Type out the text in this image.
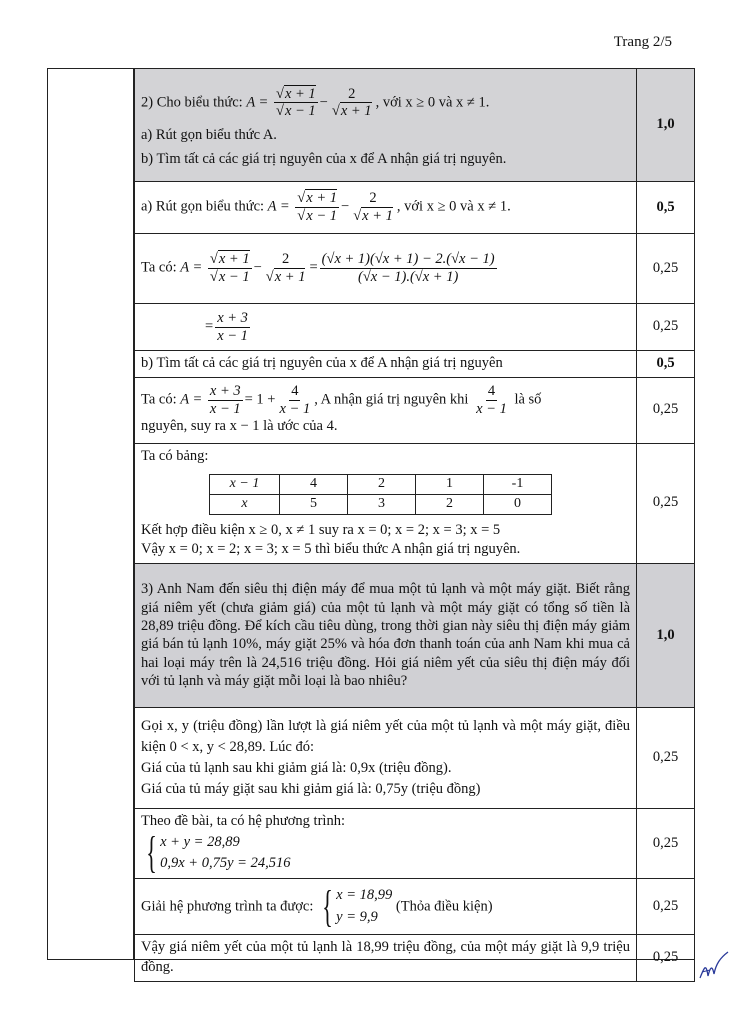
Trang 2/5
2) Cho biểu thức: $A = \frac{√x + 1}{√x - 1} - \frac{2}{√x + 1}$ , với x ≥ 0 và x ≠ 1.
a) Rút gọn biểu thức A.
b) Tìm tất cả các giá trị nguyên của x để A nhận giá trị nguyên.
	1,0
a) Rút gọn biểu thức: $A = \frac{√x + 1}{√x - 1} - \frac{2}{√x + 1}$ , với x ≥ 0 và x ≠ 1.	0,5
Ta có: $A = \frac{√x + 1}{√x - 1} - \frac{2}{√x + 1} = \frac{(√x + 1)(√x + 1) - 2.(√x - 1)}{(√x - 1).(√x + 1)}$	0,25
= $\frac{x + 3}{x - 1}$	0,25
b) Tìm tất cả các giá trị nguyên của x để A nhận giá trị nguyên	0,5

Ta có: $A = \frac{x + 3}{x - 1} = 1 + \frac{4}{x - 1}$ , A nhận giá trị nguyên khi $\frac{4}{x - 1}$ là số
nguyên, suy ra x − 1 là ước của 4.
	0,25

Ta có bảng:
x − 1	4	2	1	-1
x	5	3	2	0
Kết hợp điều kiện x ≥ 0, x ≠ 1 suy ra x = 0; x = 2; x = 3; x = 5
Vậy x = 0; x = 2; x = 3; x = 5 thì biểu thức A nhận giá trị nguyên.
	0,25
3) Anh Nam đến siêu thị điện máy để mua một tủ lạnh và một máy giặt. Biết rằng giá niêm yết (chưa giảm giá) của một tủ lạnh và một máy giặt có tổng số tiền là 28,89 triệu đồng. Để kích cầu tiêu dùng, trong thời gian này siêu thị điện máy giảm giá bán tủ lạnh 10%, máy giặt 25% và hóa đơn thanh toán của anh Nam khi mua cả hai loại máy trên là 24,516 triệu đồng. Hỏi giá niêm yết của siêu thị điện máy đối với tủ lạnh và máy giặt mỗi loại là bao nhiêu?	1,0

Gọi x, y (triệu đồng) lần lượt là giá niêm yết của một tủ lạnh và một máy giặt, điều kiện 0 < x, y < 28,89. Lúc đó:
Giá của tủ lạnh sau khi giảm giá là: 0,9x (triệu đồng).
Giá của tủ máy giặt sau khi giảm giá là: 0,75y (triệu đồng)
	0,25

Theo đề bài, ta có hệ phương trình:
{ x + y = 28,89
0,9x + 0,75y = 24,516
	0,25
Giải hệ phương trình ta được: { x = 18,99
y = 9,9
(Thỏa điều kiện)	0,25
Vậy giá niêm yết của một tủ lạnh là 18,99 triệu đồng, của một máy giặt là 9,9 triệu đồng.	0,25
